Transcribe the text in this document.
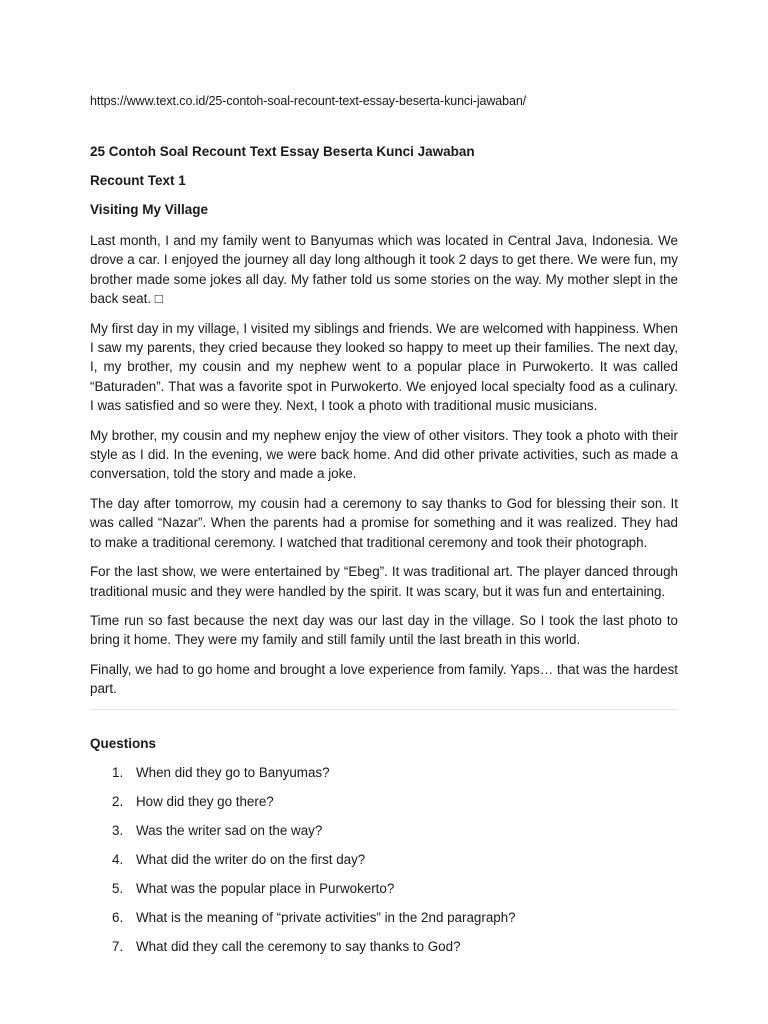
https://www.text.co.id/25-contoh-soal-recount-text-essay-beserta-kunci-jawaban/
25 Contoh Soal Recount Text Essay Beserta Kunci Jawaban
Recount Text 1
Visiting My Village

Last month, I and my family went to Banyumas which was located in Central Java, Indonesia. We drove a car. I enjoyed the journey all day long although it took 2 days to get there. We were fun, my brother made some jokes all day. My father told us some stories on the way. My mother slept in the back seat. □

My first day in my village, I visited my siblings and friends. We are welcomed with happiness. When I saw my parents, they cried because they looked so happy to meet up their families. The next day, I, my brother, my cousin and my nephew went to a popular place in Purwokerto. It was called “Baturaden”. That was a favorite spot in Purwokerto. We enjoyed local specialty food as a culinary. I was satisfied and so were they. Next, I took a photo with traditional music musicians.

My brother, my cousin and my nephew enjoy the view of other visitors. They took a photo with their style as I did. In the evening, we were back home. And did other private activities, such as made a conversation, told the story and made a joke.

The day after tomorrow, my cousin had a ceremony to say thanks to God for blessing their son. It was called “Nazar”. When the parents had a promise for something and it was realized. They had to make a traditional ceremony. I watched that traditional ceremony and took their photograph.

For the last show, we were entertained by “Ebeg”. It was traditional art. The player danced through traditional music and they were handled by the spirit. It was scary, but it was fun and entertaining.

Time run so fast because the next day was our last day in the village. So I took the last photo to bring it home. They were my family and still family until the last breath in this world.

Finally, we had to go home and brought a love experience from family. Yaps… that was the hardest part.

Questions
1. When did they go to Banyumas?
2. How did they go there?
3. Was the writer sad on the way?
4. What did the writer do on the first day?
5. What was the popular place in Purwokerto?
6. What is the meaning of “private activities” in the 2nd paragraph?
7. What did they call the ceremony to say thanks to God?
